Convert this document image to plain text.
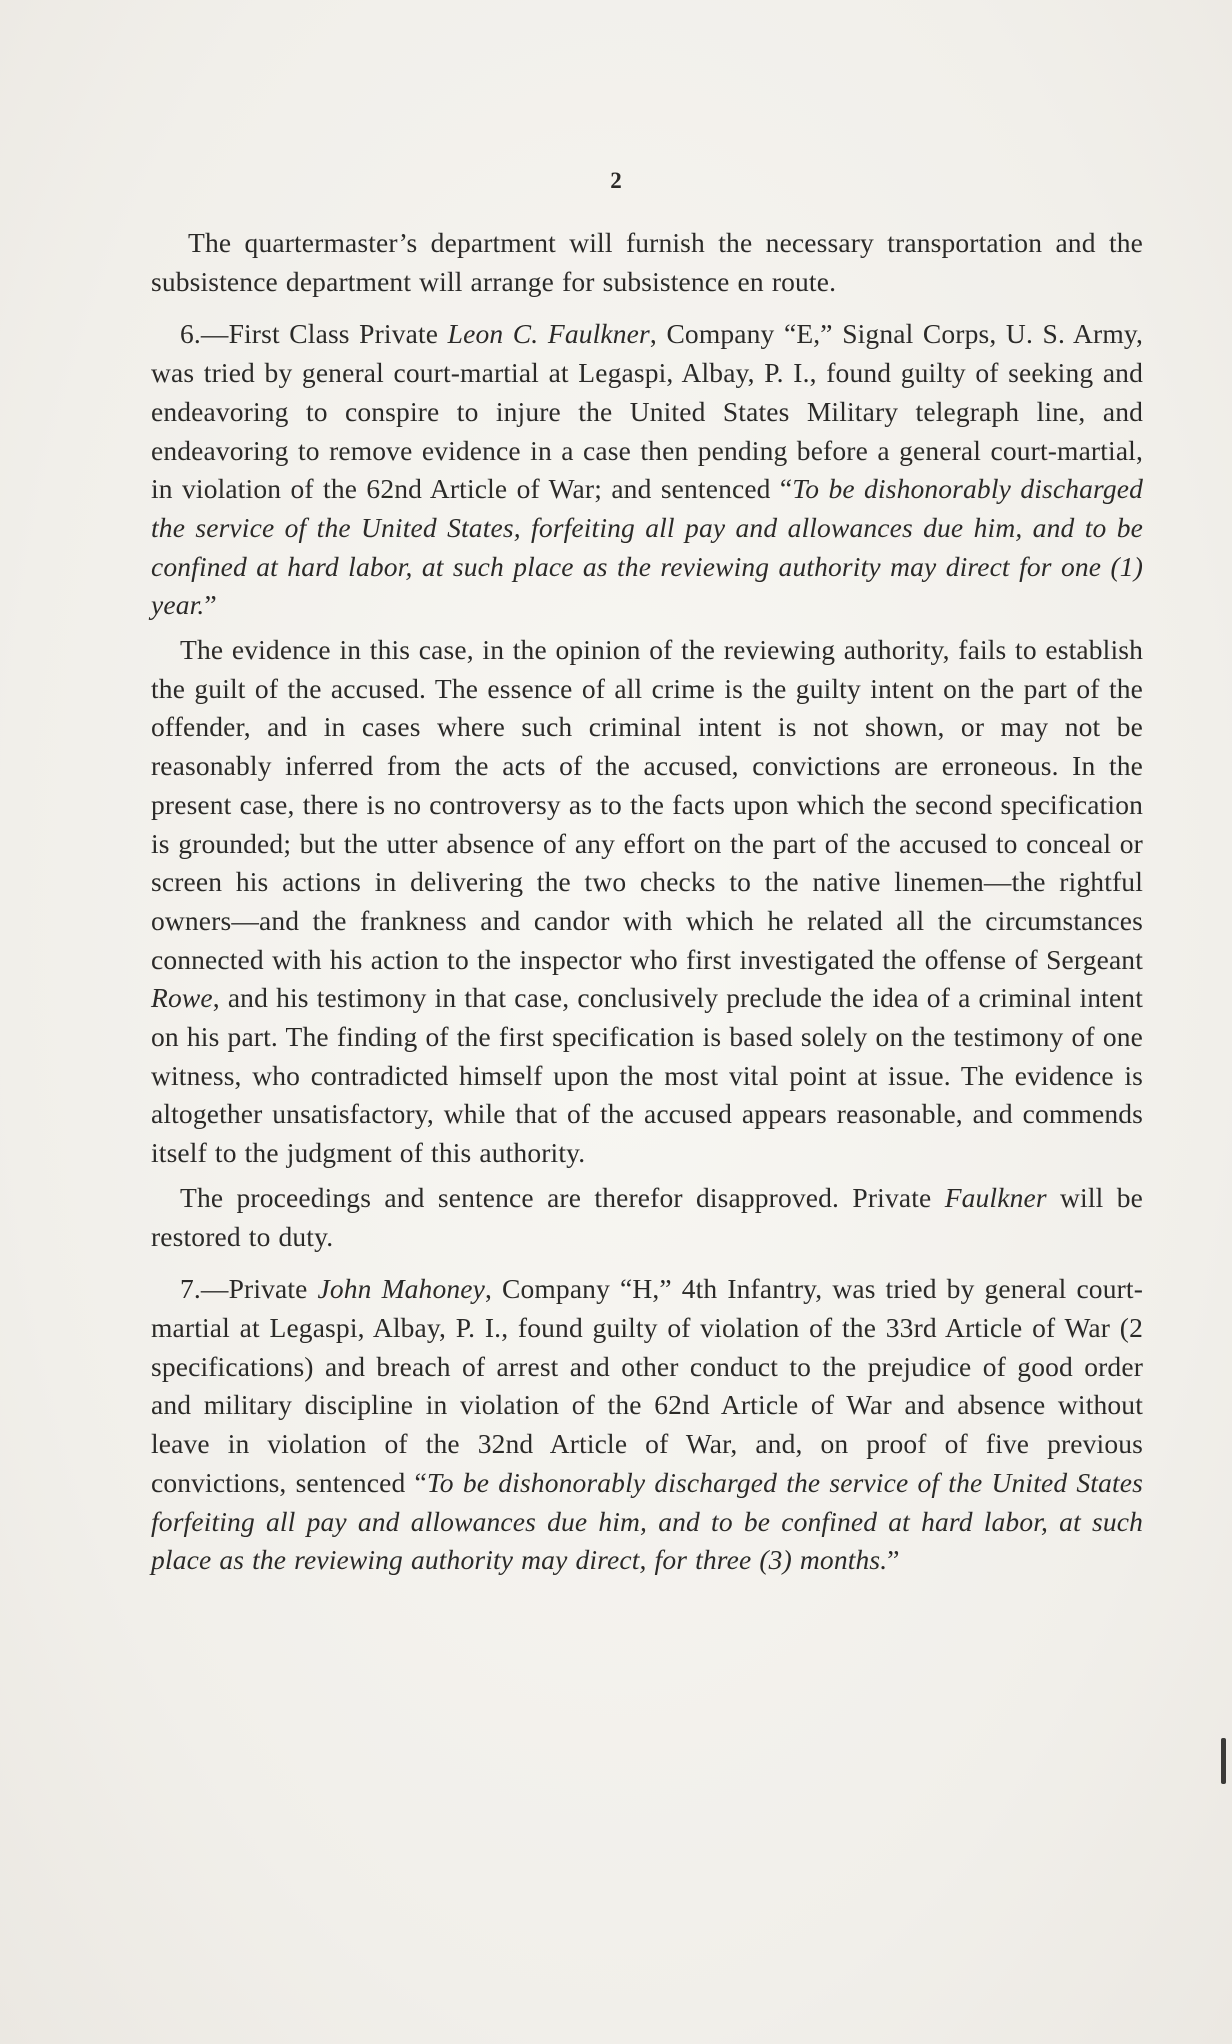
2

The quartermaster’s department will furnish the necessary transportation and the subsistence department will arrange for subsistence en route.

6.—First Class Private Leon C. Faulkner, Company “E,” Signal Corps, U. S. Army, was tried by general court-martial at Legaspi, Albay, P. I., found guilty of seeking and endeavoring to conspire to injure the United States Military telegraph line, and endeavoring to remove evidence in a case then pending before a general court-martial, in violation of the 62nd Article of War; and sentenced “To be dishonorably discharged the service of the United States, forfeiting all pay and allowances due him, and to be confined at hard labor, at such place as the reviewing authority may direct for one (1) year.”

The evidence in this case, in the opinion of the reviewing authority, fails to establish the guilt of the accused. The essence of all crime is the guilty intent on the part of the offender, and in cases where such criminal intent is not shown, or may not be reasonably inferred from the acts of the accused, convictions are erroneous. In the present case, there is no controversy as to the facts upon which the second specification is grounded; but the utter absence of any effort on the part of the accused to conceal or screen his actions in delivering the two checks to the native linemen—the rightful owners—and the frankness and candor with which he related all the circumstances connected with his action to the inspector who first investigated the offense of Sergeant Rowe, and his testimony in that case, conclusively preclude the idea of a criminal intent on his part. The finding of the first specification is based solely on the testimony of one witness, who contradicted himself upon the most vital point at issue. The evidence is altogether unsatisfactory, while that of the accused appears reasonable, and commends itself to the judgment of this authority.

The proceedings and sentence are therefor disapproved. Private Faulkner will be restored to duty.

7.—Private John Mahoney, Company “H,” 4th Infantry, was tried by general court-martial at Legaspi, Albay, P. I., found guilty of violation of the 33rd Article of War (2 specifications) and breach of arrest and other conduct to the prejudice of good order and military discipline in violation of the 62nd Article of War and absence without leave in violation of the 32nd Article of War, and, on proof of five previous convictions, sentenced “To be dishonorably discharged the service of the United States forfeiting all pay and allowances due him, and to be confined at hard labor, at such place as the reviewing authority may direct, for three (3) months.”
